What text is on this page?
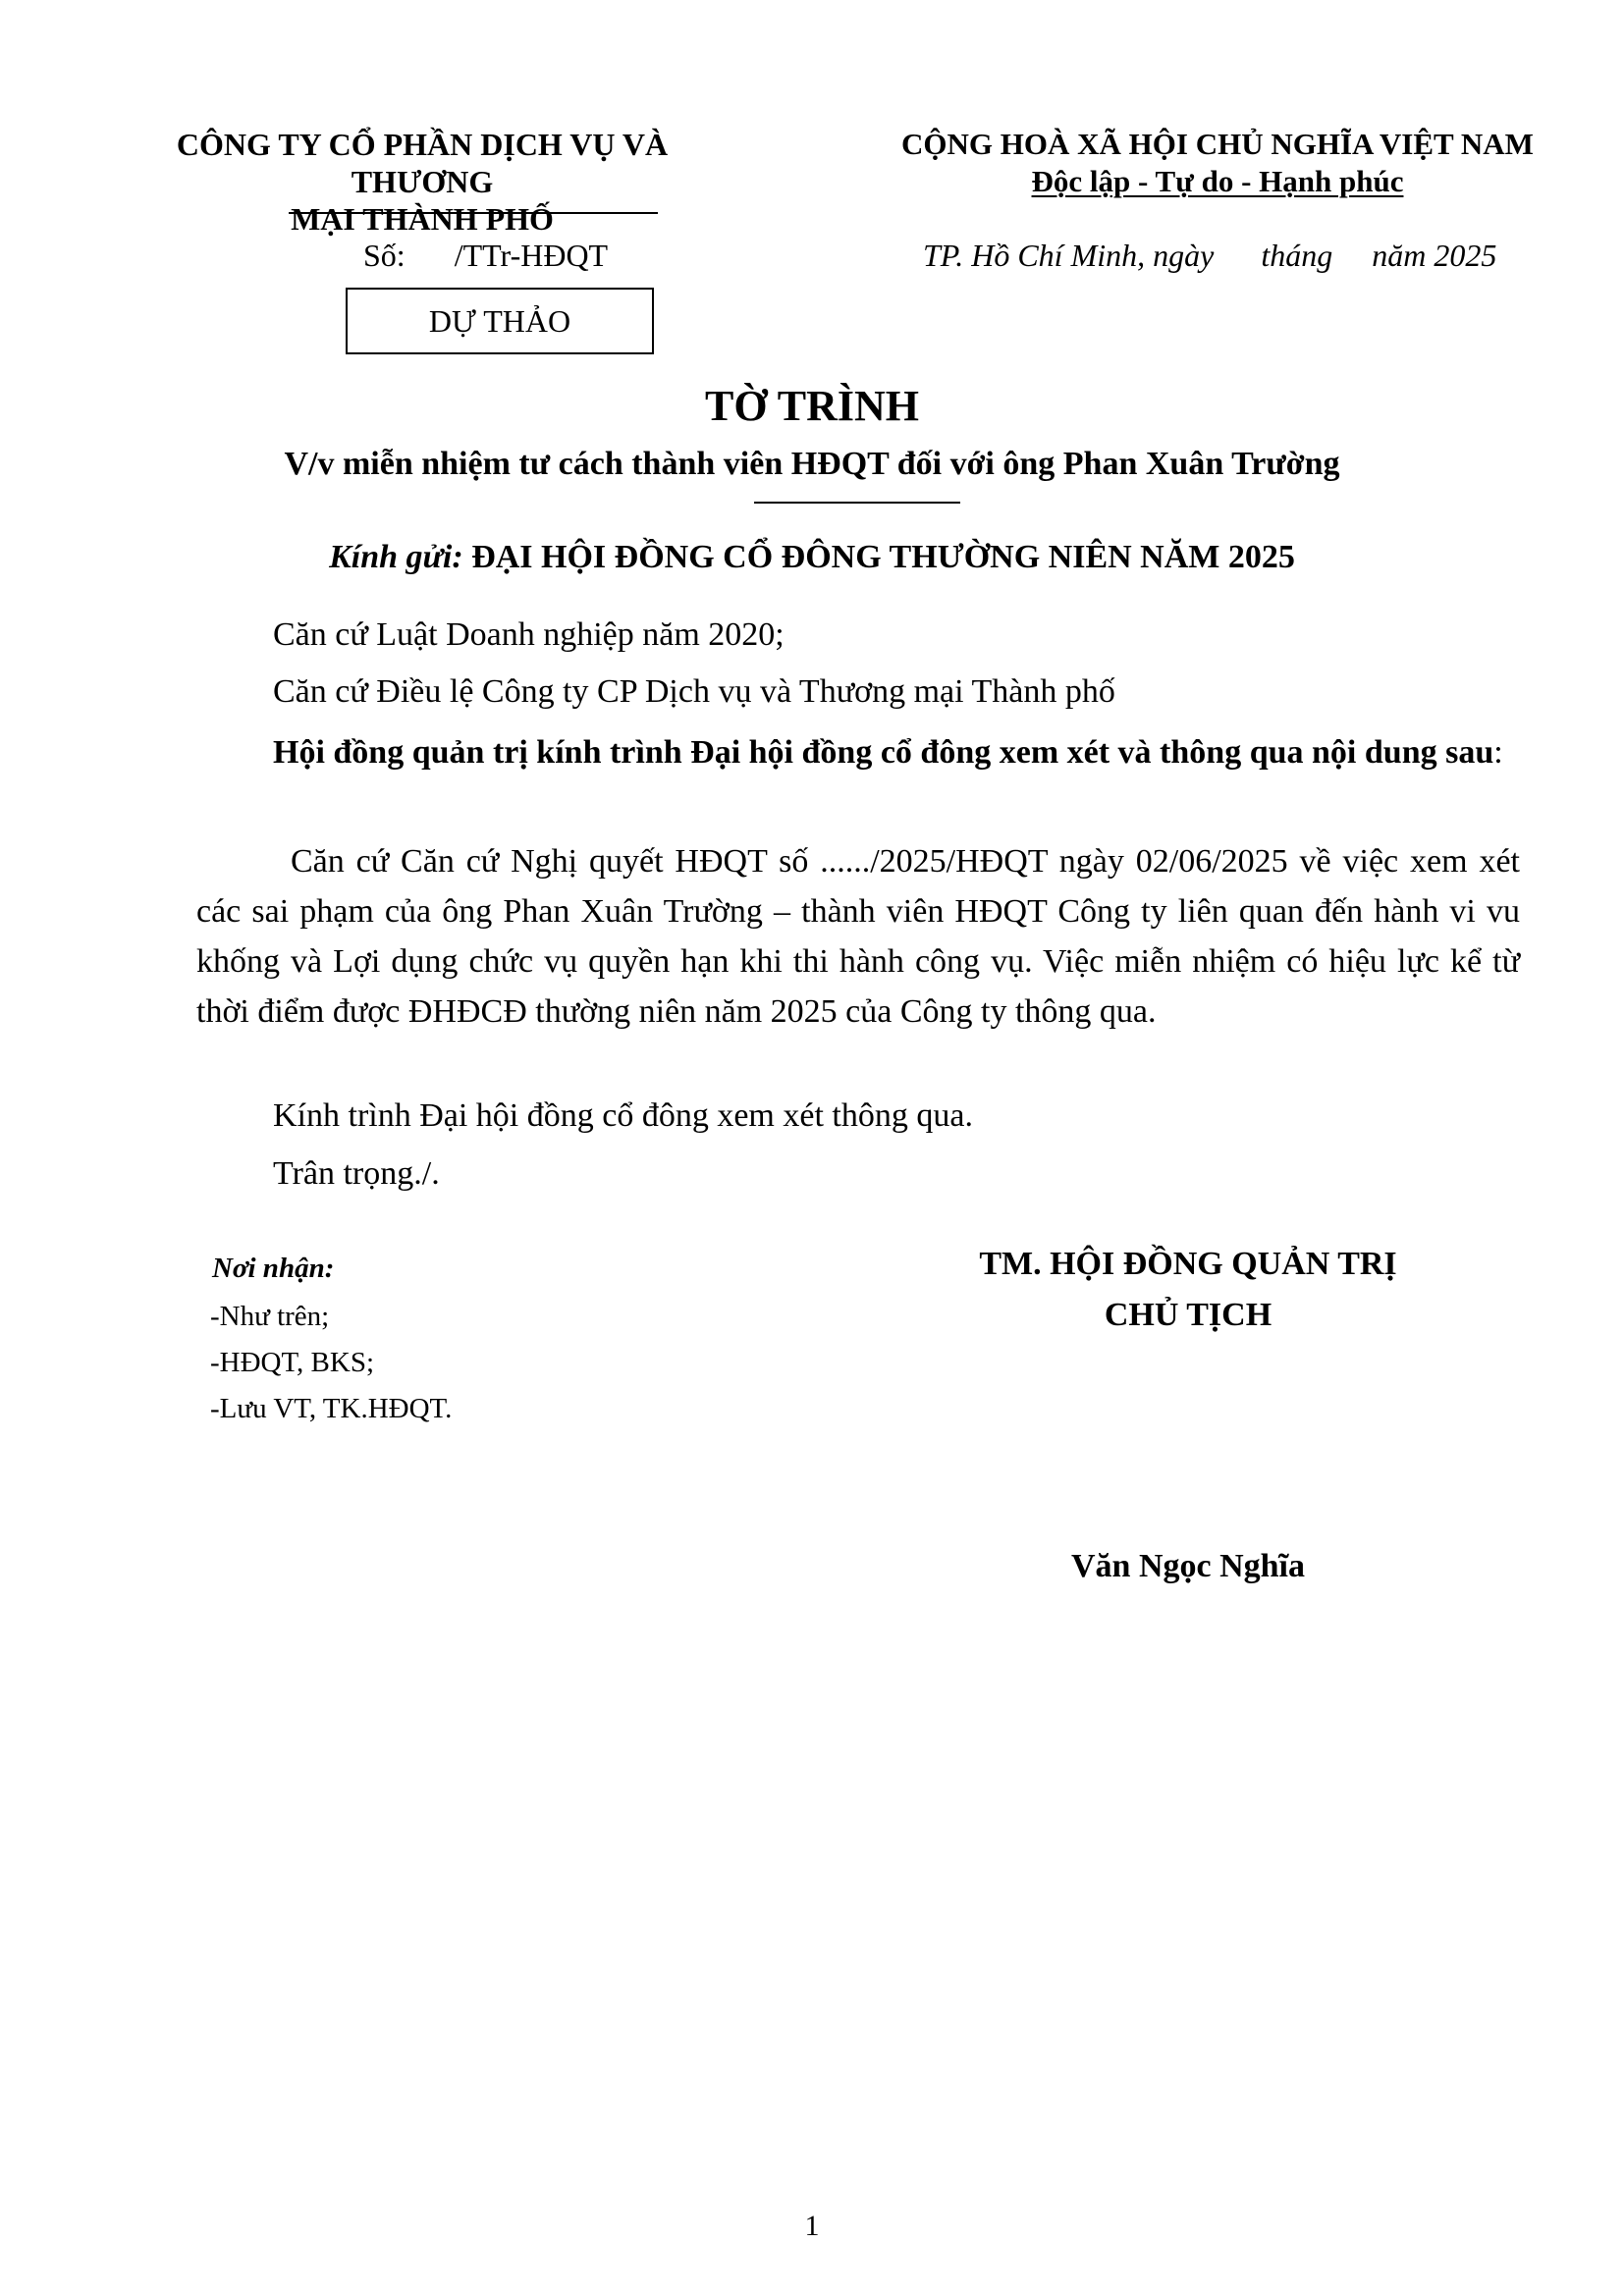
CÔNG TY CỔ PHẦN DỊCH VỤ VÀ THƯƠNG
MẠI THÀNH PHỐ
CỘNG HOÀ XÃ HỘI CHỦ NGHĨA VIỆT NAM
Độc lập - Tự do - Hạnh phúc
Số: /TTr-HĐQT	TP. Hồ Chí Minh, ngày      tháng     năm 2025
DỰ THẢO
TỜ TRÌNH
V/v miễn nhiệm tư cách thành viên HĐQT đối với ông Phan Xuân Trường
Kính gửi: ĐẠI HỘI ĐỒNG CỔ ĐÔNG THƯỜNG NIÊN NĂM 2025
Căn cứ Luật Doanh nghiệp năm 2020;
Căn cứ Điều lệ Công ty CP Dịch vụ và Thương mại Thành phố
Hội đồng quản trị kính trình Đại hội đồng cổ đông xem xét và thông qua nội dung sau:
Căn cứ Căn cứ Nghị quyết HĐQT số ....../2025/HĐQT ngày 02/06/2025 về việc xem xét các sai phạm của ông Phan Xuân Trường – thành viên HĐQT Công ty liên quan đến hành vi vu khống và Lợi dụng chức vụ quyền hạn khi thi hành công vụ. Việc miễn nhiệm có hiệu lực kể từ thời điểm được ĐHĐCĐ thường niên năm 2025 của Công ty thông qua.
Kính trình Đại hội đồng cổ đông xem xét thông qua.
Trân trọng./.
Nơi nhận:
-Như trên;
-HĐQT, BKS;
-Lưu VT, TK.HĐQT.
TM. HỘI ĐỒNG QUẢN TRỊ
CHỦ TỊCH
Văn Ngọc Nghĩa
1
